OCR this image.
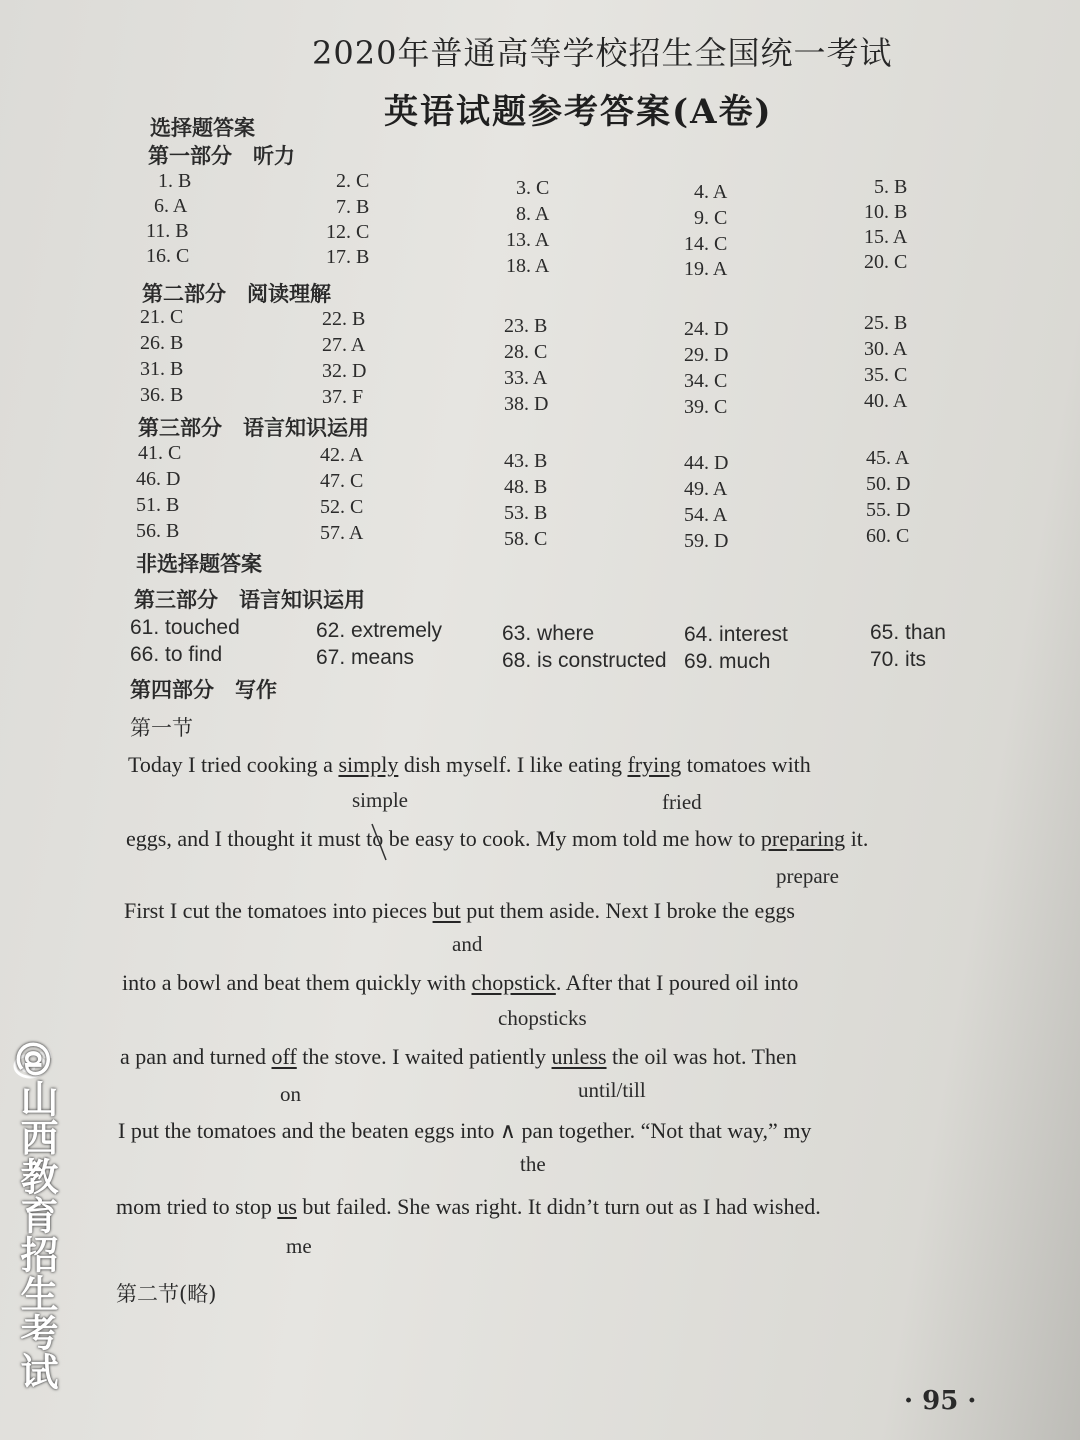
2020年普通高等学校招生全国统一考试
英语试题参考答案(A卷)
选择题答案
第一部分　听力
1. B	2. C	3. C	4. A	5. B
6. A	7. B	8. A	9. C	10. B
11. B	12. C	13. A	14. C	15. A
16. C	17. B	18. A	19. A	20. C
第二部分　阅读理解
21. C	22. B	23. B	24. D	25. B
26. B	27. A	28. C	29. D	30. A
31. B	32. D	33. A	34. C	35. C
36. B	37. F	38. D	39. C	40. A
第三部分　语言知识运用
41. C	42. A	43. B	44. D	45. A
46. D	47. C	48. B	49. A	50. D
51. B	52. C	53. B	54. A	55. D
56. B	57. A	58. C	59. D	60. C
非选择题答案
第三部分　语言知识运用
61. touched	62. extremely	63. where	64. interest	65. than
66. to find	67. means	68. is constructed 69. much	70. its
第四部分　写作
第一节
Today I tried cooking a simply dish myself. I like eating frying tomatoes with
simple	fried
eggs, and I thought it must to be easy to cook. My mom told me how to preparing it.
prepare
First I cut the tomatoes into pieces but put them aside. Next I broke the eggs
and
into a bowl and beat them quickly with chopstick. After that I poured oil into
chopsticks
a pan and turned off the stove. I waited patiently unless the oil was hot. Then
on	until/till
I put the tomatoes and the beaten eggs into ∧ pan together. “Not that way,” my
the
mom tried to stop us but failed. She was right. It didn’t turn out as I had wished.
me
第二节(略)
· 95 ·
@山西教育招生考试
